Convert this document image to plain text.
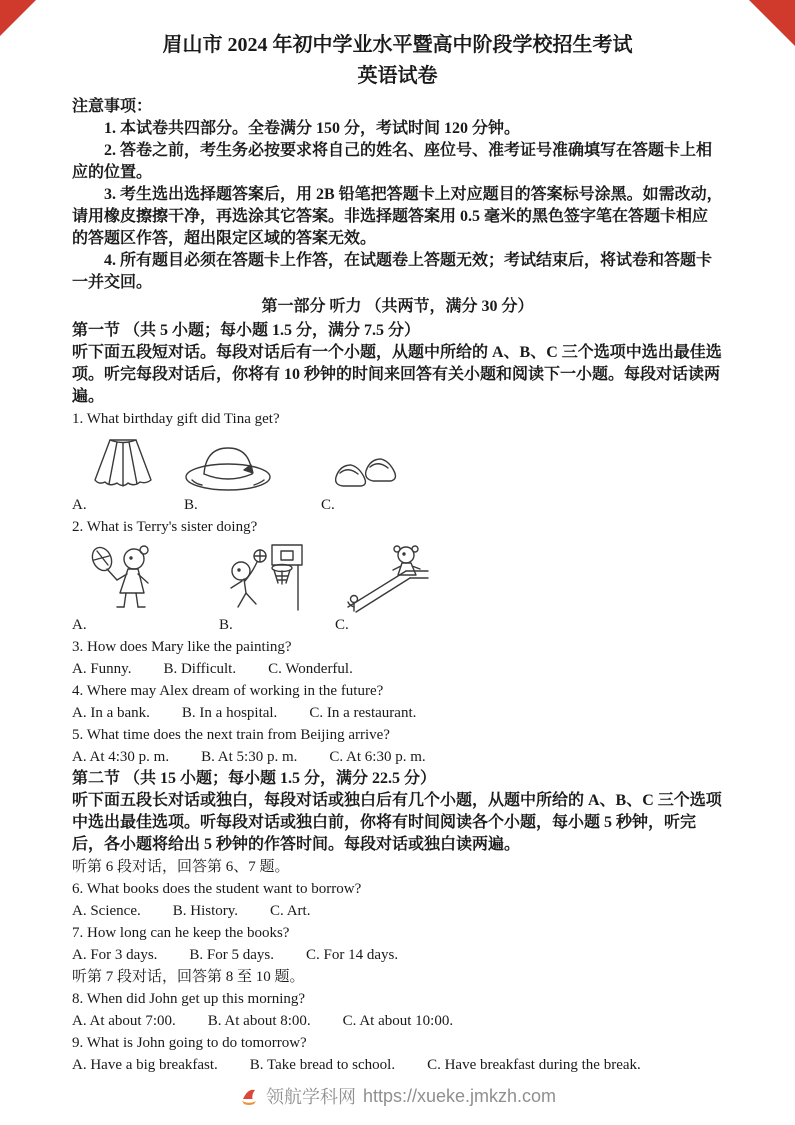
眉山市 2024 年初中学业水平暨高中阶段学校招生考试
英语试卷

注意事项：

1. 本试卷共四部分。全卷满分 150 分，考试时间 120 分钟。

2. 答卷之前，考生务必按要求将自己的姓名、座位号、准考证号准确填写在答题卡上相应的位置。

3. 考生选出选择题答案后，用 2B 铅笔把答题卡上对应题目的答案标号涂黑。如需改动，请用橡皮擦擦干净，再选涂其它答案。非选择题答案用 0.5 毫米的黑色签字笔在答题卡相应的答题区作答，超出限定区域的答案无效。

4. 所有题目必须在答题卡上作答，在试题卷上答题无效；考试结束后，将试卷和答题卡一并交回。

第一部分 听力 （共两节，满分 30 分）

第一节 （共 5 小题；每小题 1.5 分，满分 7.5 分）

听下面五段短对话。每段对话后有一个小题，从题中所给的 A、B、C 三个选项中选出最佳选项。听完每段对话后，你将有 10 秒钟的时间来回答有关小题和阅读下一小题。每段对话读两遍。

1. What birthday gift did Tina get?

A.	B.	C.

2. What is Terry's sister doing?

A.	B.	C.

3. How does Mary like the painting?

A. Funny. B. Difficult. C. Wonderful.

4. Where may Alex dream of working in the future?

A. In a bank. B. In a hospital. C. In a restaurant.

5. What time does the next train from Beijing arrive?

A. At 4:30 p. m. B. At 5:30 p. m. C. At 6:30 p. m.

第二节 （共 15 小题；每小题 1.5 分，满分 22.5 分）

听下面五段长对话或独白，每段对话或独白后有几个小题，从题中所给的 A、B、C 三个选项中选出最佳选项。听每段对话或独白前，你将有时间阅读各个小题，每小题 5 秒钟，听完后，各小题将给出 5 秒钟的作答时间。每段对话或独白读两遍。

听第 6 段对话，回答第 6、7 题。

6. What books does the student want to borrow?

A. Science. B. History. C. Art.

7. How long can he keep the books?

A. For 3 days. B. For 5 days. C. For 14 days.

听第 7 段对话，回答第 8 至 10 题。

8. When did John get up this morning?

A. At about 7:00. B. At about 8:00. C. At about 10:00.

9. What is John going to do tomorrow?

A. Have a big breakfast. B. Take bread to school. C. Have breakfast during the break.

领航学科网 https://xueke.jmkzh.com
